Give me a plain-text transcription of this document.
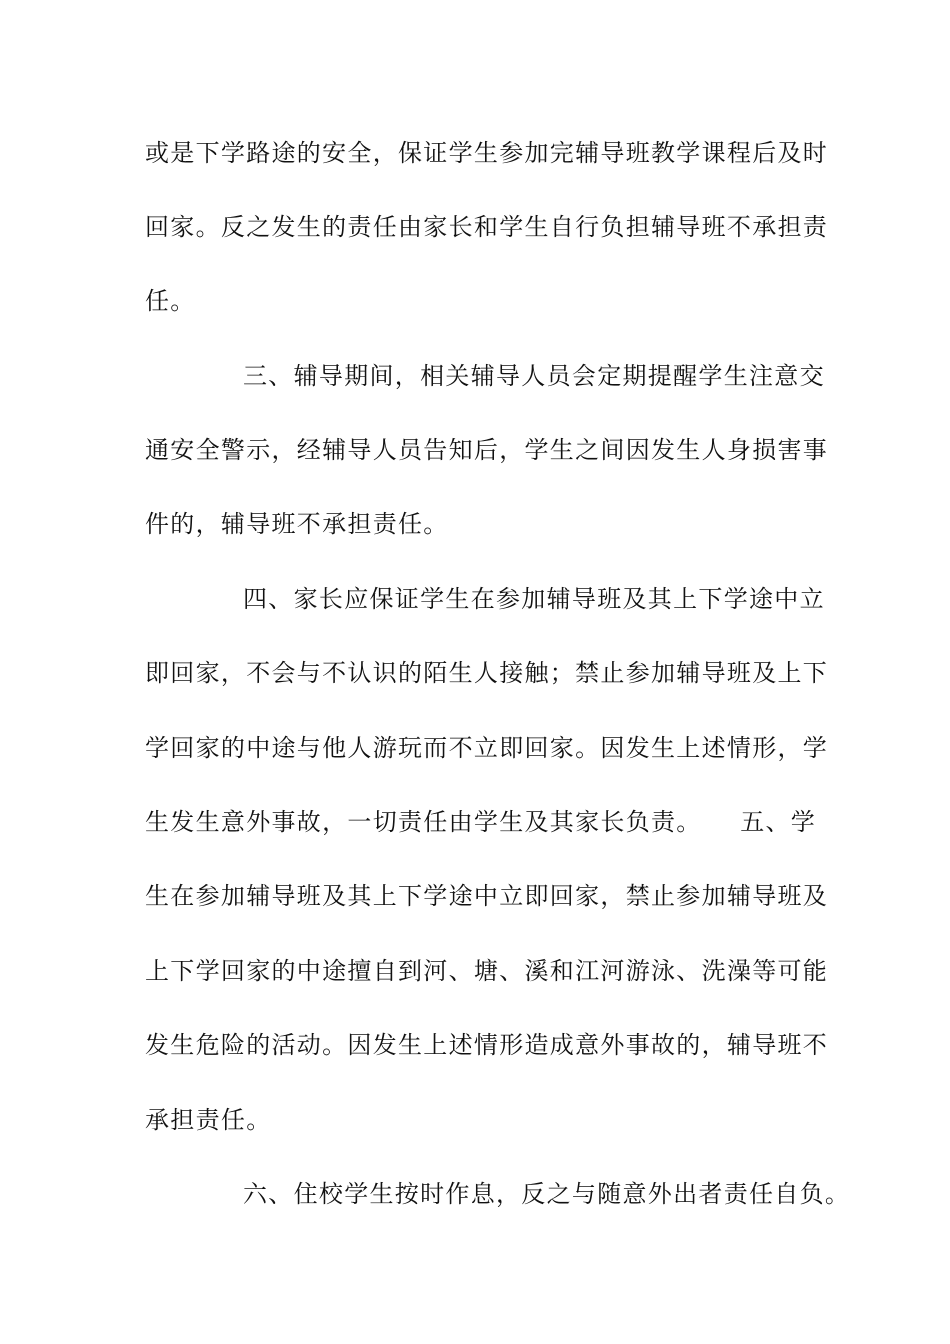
或是下学路途的安全，保证学生参加完辅导班教学课程后及时
回家。反之发生的责任由家长和学生自行负担辅导班不承担责
任。
三、辅导期间，相关辅导人员会定期提醒学生注意交
通安全警示，经辅导人员告知后，学生之间因发生人身损害事
件的，辅导班不承担责任。
四、家长应保证学生在参加辅导班及其上下学途中立
即回家，不会与不认识的陌生人接触；禁止参加辅导班及上下
学回家的中途与他人游玩而不立即回家。因发生上述情形，学
生发生意外事故，一切责任由学生及其家长负责。　　五、学
生在参加辅导班及其上下学途中立即回家，禁止参加辅导班及
上下学回家的中途擅自到河、塘、溪和江河游泳、洗澡等可能
发生危险的活动。因发生上述情形造成意外事故的，辅导班不
承担责任。
六、住校学生按时作息，反之与随意外出者责任自负。
